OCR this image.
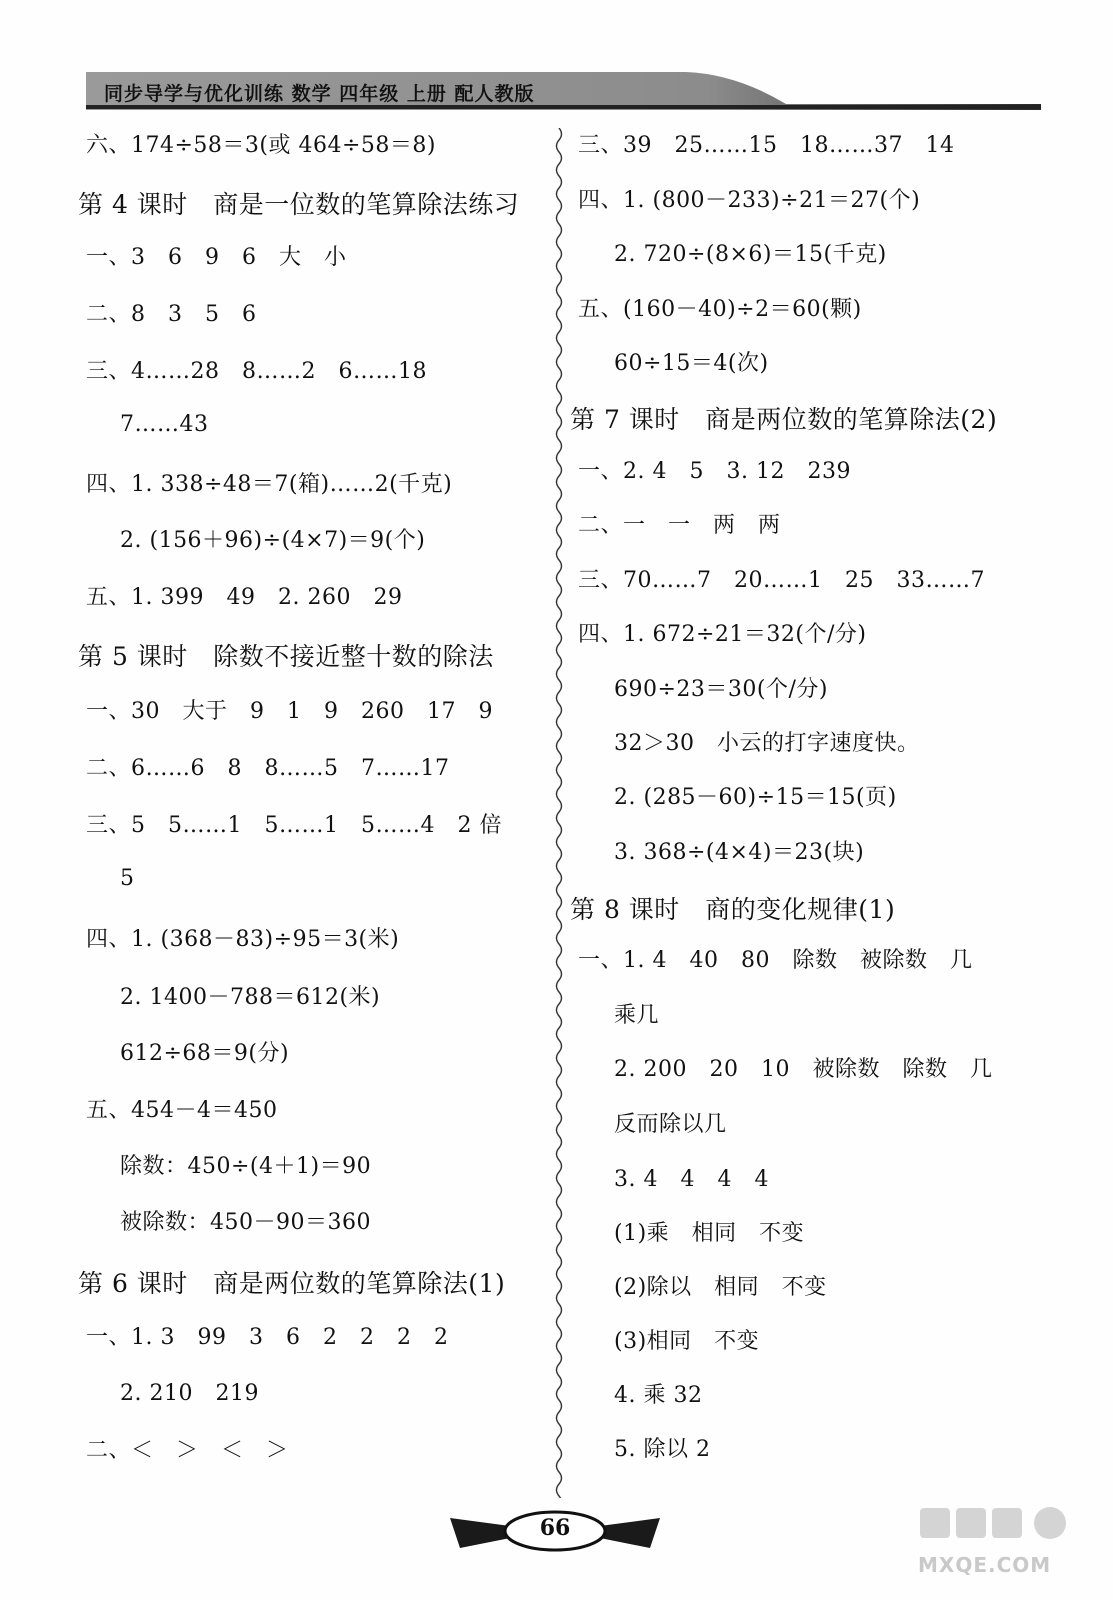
同步导学与优化训练 数学 四年级 上册 配人教版
六、174÷58＝3(或 464÷58＝8)
第 4 课时　商是一位数的笔算除法练习
一、3　6　9　6　大　小
二、8　3　5　6
三、4……28　8……2　6……18
7……43
四、1. 338÷48＝7(箱)……2(千克)
2. (156＋96)÷(4×7)＝9(个)
五、1. 399　49　2. 260　29
第 5 课时　除数不接近整十数的除法
一、30　大于　9　1　9　260　17　9
二、6……6　8　8……5　7……17
三、5　5……1　5……1　5……4　2 倍
5
四、1. (368－83)÷95＝3(米)
2. 1400－788＝612(米)
612÷68＝9(分)
五、454－4＝450
除数：450÷(4＋1)＝90
被除数：450－90＝360
第 6 课时　商是两位数的笔算除法(1)
一、1. 3　99　3　6　2　2　2　2
2. 210　219
二、＜　＞　＜　＞
三、39　25……15　18……37　14
四、1. (800－233)÷21＝27(个)
2. 720÷(8×6)＝15(千克)
五、(160－40)÷2＝60(颗)
60÷15＝4(次)
第 7 课时　商是两位数的笔算除法(2)
一、2. 4　5　3. 12　239
二、一　一　两　两
三、70……7　20……1　25　33……7
四、1. 672÷21＝32(个/分)
690÷23＝30(个/分)
32＞30　小云的打字速度快。
2. (285－60)÷15＝15(页)
3. 368÷(4×4)＝23(块)
第 8 课时　商的变化规律(1)
一、1. 4　40　80　除数　被除数　几
乘几
2. 200　20　10　被除数　除数　几
反而除以几
3. 4　4　4　4
(1)乘　相同　不变
(2)除以　相同　不变
(3)相同　不变
4. 乘 32
5. 除以 2
66
MXQE.COM
